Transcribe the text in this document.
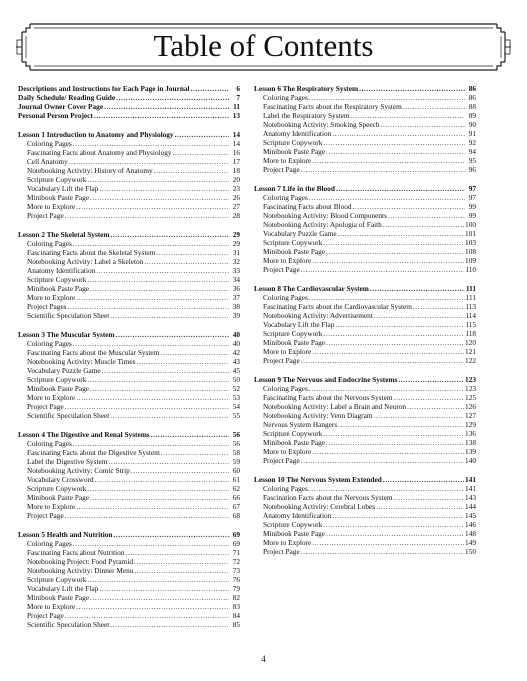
Table of Contents
Descriptions and Instructions for Each Page in Journal .....	6
Daily Schedule/ Reading Guide .....	7
Journal Owner Cover Page .....	11
Personal Person Project .....	13
Lesson 1 Introduction to Anatomy and Physiology .....	14
Coloring Pages .....	14
Fascinating Facts about Anatomy and Physiology .....	16
Cell Anatomy .....	17
Notebooking Activity: History of Anatomy .....	18
Scripture Copywork .....	20
Vocabulary Lift the Flap .....	23
Minibook Paste Page .....	26
More to Explore .....	27
Project Page .....	28
Lesson 2 The Skeletal System .....	29
Coloring Pages .....	29
Fascinating Facts about the Skeletal System .....	31
Notebooking Activity: Label a Skeleton .....	32
Anatomy Identification .....	33
Scripture Copywork .....	34
Minibook Paste Page .....	36
More to Explore .....	37
Project Pages .....	38
Scientific Speculation Sheet .....	39
Lesson 3 The Muscular System .....	40
Coloring Pages .....	40
Fascinating Facts about the Muscular System .....	42
Notebooking Activity: Muscle Times .....	43
Vocabulary Puzzle Game .....	45
Scripture Copywork .....	50
Minibook Paste Page .....	52
More to Explore .....	53
Project Page .....	54
Scientific Speculation Sheet .....	55
Lesson 4 The Digestive and Renal Systems .....	56
Coloring Pages .....	56
Fascinating Facts about the Digestive System .....	58
Label the Digestive System .....	59
Notebooking Activity: Comic Strip .....	60
Vocabulary Crossword .....	61
Scripture Copywork .....	62
Minibook Paste Page .....	66
More to Explore .....	67
Project Page .....	68
Lesson 5 Health and Nutrition .....	69
Coloring Pages .....	69
Fascinating Facts about Nutrition .....	71
Notebooking Project: Food Pyramid .....	72
Notebooking Activity: Dinner Menu .....	73
Scripture Copywork .....	76
Vocabulary Lift the Flap .....	79
Minibook Paste Page .....	82
More to Explore .....	83
Project Page .....	84
Scientific Speculation Sheet .....	85
Lesson 6 The Respiratory System .....	86
Coloring Pages .....	86
Fascinating Facts about the Respiratory System .....	88
Label the Respiratory System .....	89
Notebooking Activity: Smoking Speech .....	90
Anatomy Identification .....	91
Scripture Copywork .....	92
Minibook Paste Page .....	94
More to Explore .....	95
Project Page .....	96
Lesson 7 Life in the Blood .....	97
Coloring Pages .....	97
Fascinating Facts about Blood .....	99
Notebooking Activity: Blood Components .....	99
Notebooking Activity: Apologia of Faith .....	100
Vocabulary Puzzle Game .....	101
Scripture Copywork .....	103
Minibook Paste Page .....	108
More to Explore .....	109
Project Page .....	110
Lesson 8 The Cardiovascular System .....	111
Coloring Pages .....	111
Fascinating Facts about the Cardiovascular System .....	113
Notebooking Activity: Advertisement .....	114
Vocabulary Lift the Flap .....	115
Scripture Copywork .....	118
Minibook Paste Page .....	120
More to Explore .....	121
Project Page .....	122
Lesson 9 The Nervous and Endocrine Systems .....	123
Coloring Pages .....	123
Fascinating Facts about the Nervous System .....	125
Notebooking Activity: Label a Brain and Neuron .....	126
Notebooking Activity: Venn Diagram .....	127
Nervous System Hangers .....	129
Scripture Copywork .....	136
Minibook Paste Page .....	138
More to Explore .....	139
Project Page .....	140
Lesson 10 The Nervous System Extended .....	141
Coloring Pages .....	141
Fascination Facts about the Nervous System .....	143
Notebooking Activity: Cerebral Lobes .....	144
Anatomy Identification .....	145
Scripture Copywork .....	146
Minibook Paste Page .....	148
More to Explore .....	149
Project Page .....	150
4
